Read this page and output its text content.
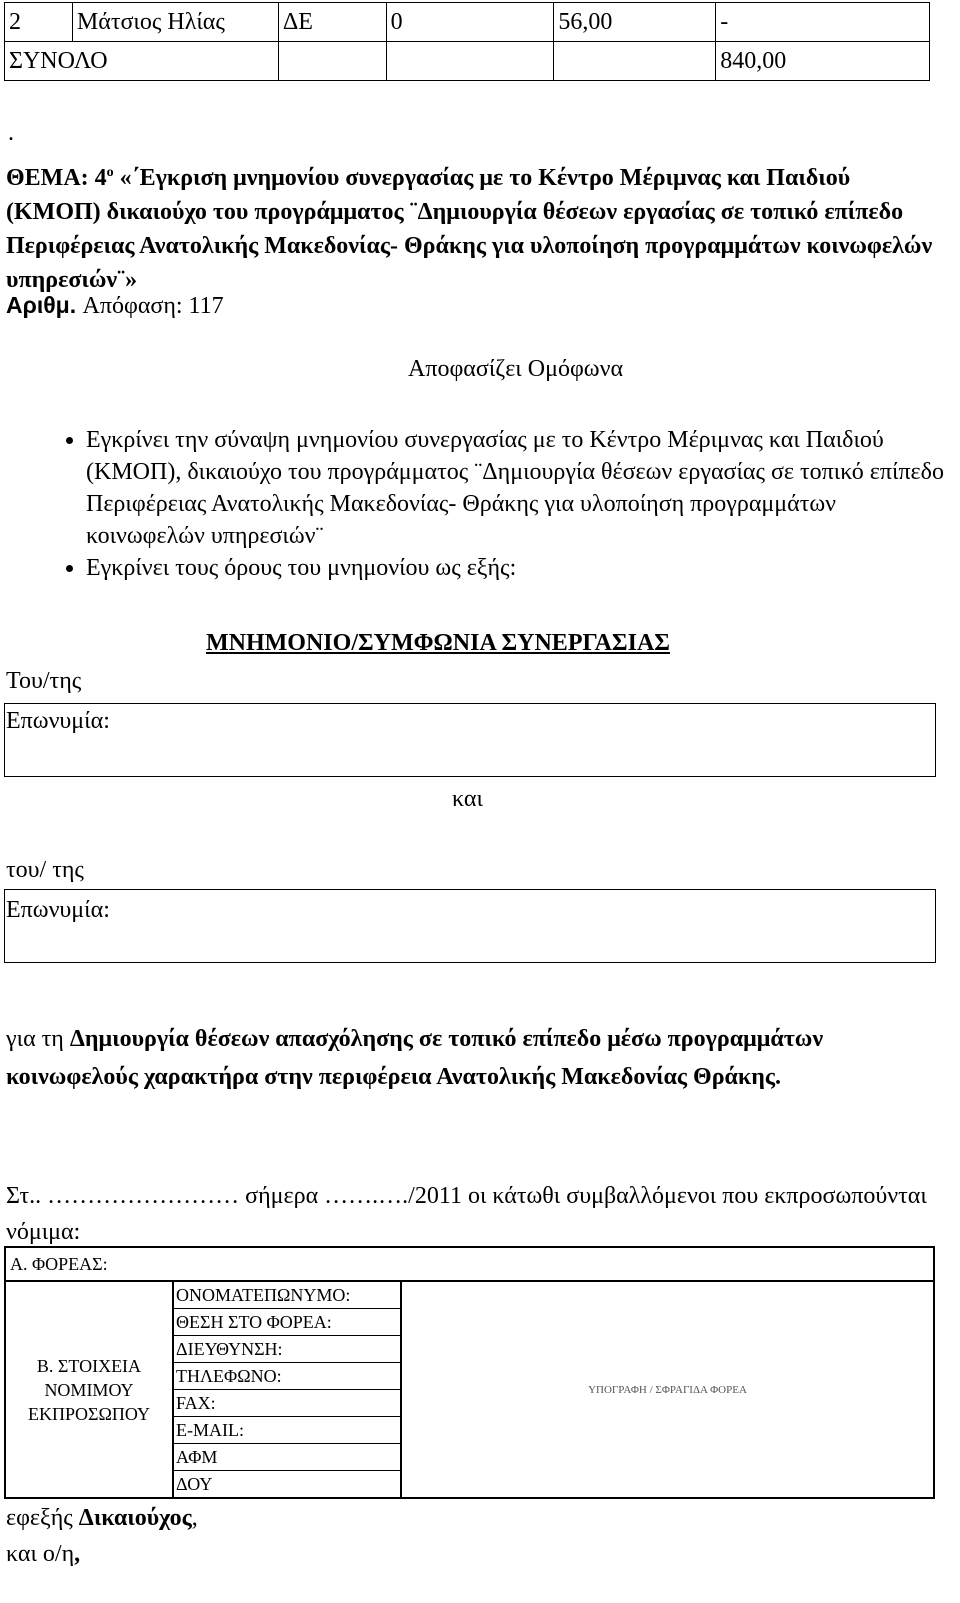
2	Μάτσιος Ηλίας	ΔΕ	0	56,00	-
ΣΥΝΟΛΟ					840,00
.
ΘΕΜΑ: $4^o$ «΄Εγκριση μνημονίου συνεργασίας με το Κέντρο Μέριμνας και Παιδιού (ΚΜΟΠ) δικαιούχο του προγράμματος ¨Δημιουργία θέσεων εργασίας σε τοπικό επίπεδο Περιφέρειας Ανατολικής Μακεδονίας- Θράκης για υλοποίηση προγραμμάτων κοινωφελών υπηρεσιών¨»
Αριθμ. Απόφαση: 117
Αποφασίζει Ομόφωνα
• Εγκρίνει την σύναψη μνημονίου συνεργασίας με το Κέντρο Μέριμνας και Παιδιού (ΚΜΟΠ), δικαιούχο του προγράμματος ¨Δημιουργία θέσεων εργασίας σε τοπικό επίπεδο Περιφέρειας Ανατολικής Μακεδονίας- Θράκης για υλοποίηση προγραμμάτων κοινωφελών υπηρεσιών¨
• Εγκρίνει τους όρους του μνημονίου ως εξής:
ΜΝΗΜΟΝΙΟ/ΣΥΜΦΩΝΙΑ ΣΥΝΕΡΓΑΣΙΑΣ
Του/της
Επωνυμία:
και
του/ της
Επωνυμία:
για τη Δημιουργία θέσεων απασχόλησης σε τοπικό επίπεδο μέσω προγραμμάτων κοινωφελούς χαρακτήρα στην περιφέρεια Ανατολικής Μακεδονίας Θράκης.
Στ.. …………………… σήμερα …….…./2011 οι κάτωθι συμβαλλόμενοι που εκπροσωπούνται νόμιμα:
Α. ΦΟΡΕΑΣ:
Β. ΣΤΟΙΧΕΙΑ ΝΟΜΙΜΟΥ ΕΚΠΡΟΣΩΠΟΥ	
ΟΝΟΜΑΤΕΠΩΝΥΜΟ:
ΘΕΣΗ ΣΤΟ ΦΟΡΕΑ:
ΔΙΕΥΘΥΝΣΗ:
ΤΗΛΕΦΩΝΟ:
FAX:
E-MAIL:
ΑΦΜ
ΔΟΥ
	ΥΠΟΓΡΑΦΗ / ΣΦΡΑΓΙΔΑ ΦΟΡΕΑ
εφεξής Δικαιούχος,
και ο/η,
